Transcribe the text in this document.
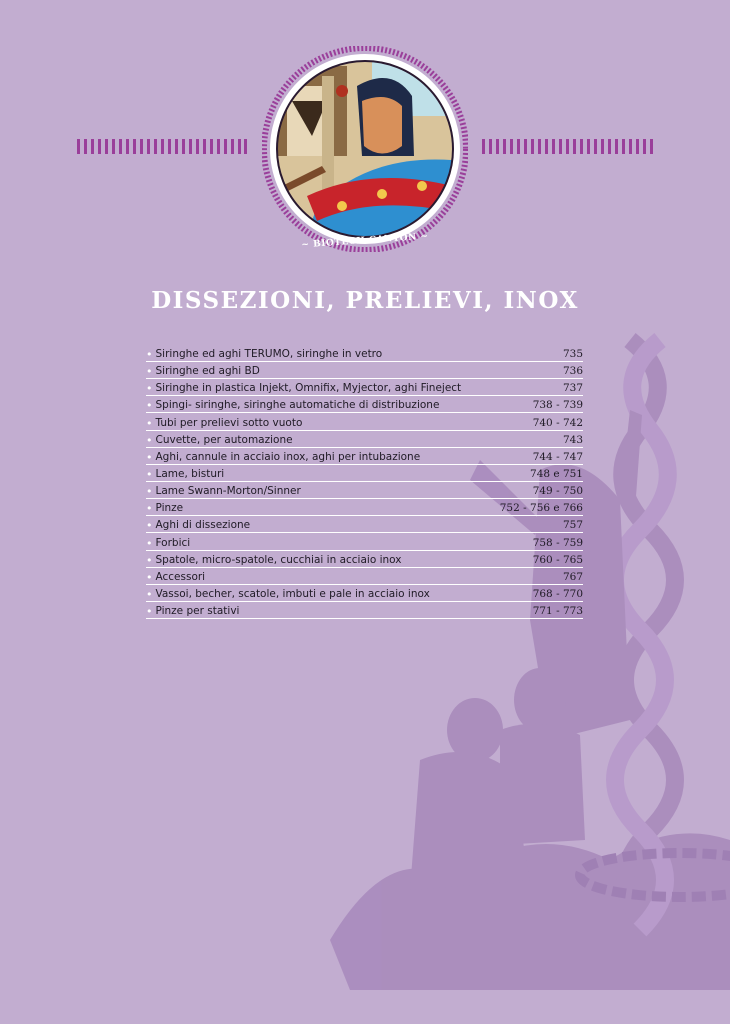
~ BIOTECH CANYON ~
DISSEZIONI, PRELIEVI, INOX
• Siringhe ed aghi TERUMO, siringhe in vetro	735
• Siringhe ed aghi BD	736
• Siringhe in plastica Injekt, Omnifix, Myjector, aghi Fineject	737
• Spingi- siringhe, siringhe automatiche di distribuzione	738 - 739
• Tubi per prelievi sotto vuoto	740 - 742
• Cuvette, per automazione	743
• Aghi, cannule in acciaio inox, aghi per intubazione	744 - 747
• Lame, bisturi	748 e 751
• Lame Swann-Morton/Sinner	749 - 750
• Pinze	752 - 756 e 766
• Aghi di dissezione	757
• Forbici	758 - 759
• Spatole, micro-spatole, cucchiai in acciaio inox	760 - 765
• Accessori	767
• Vassoi, becher, scatole, imbuti e pale in acciaio inox	768 - 770
• Pinze per stativi	771 - 773
